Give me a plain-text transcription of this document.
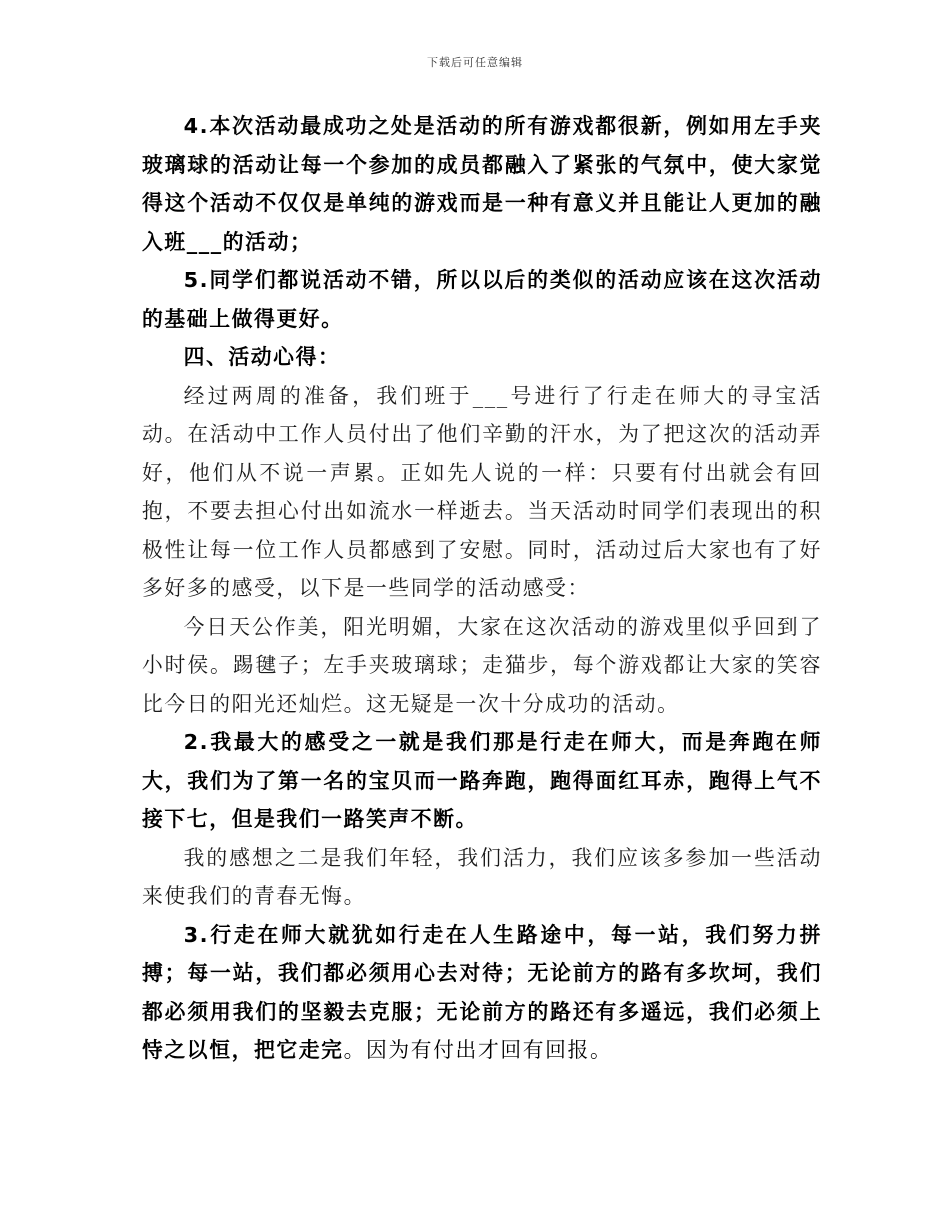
下载后可任意编辑

4.本次活动最成功之处是活动的所有游戏都很新，例如用左手夹玻璃球的活动让每一个参加的成员都融入了紧张的气氛中，使大家觉得这个活动不仅仅是单纯的游戏而是一种有意义并且能让人更加的融入班___的活动；

5.同学们都说活动不错，所以以后的类似的活动应该在这次活动的基础上做得更好。

四、活动心得：

经过两周的准备，我们班于___号进行了行走在师大的寻宝活动。在活动中工作人员付出了他们辛勤的汗水，为了把这次的活动弄好，他们从不说一声累。正如先人说的一样：只要有付出就会有回抱，不要去担心付出如流水一样逝去。当天活动时同学们表现出的积极性让每一位工作人员都感到了安慰。同时，活动过后大家也有了好多好多的感受，以下是一些同学的活动感受：

今日天公作美，阳光明媚，大家在这次活动的游戏里似乎回到了小时侯。踢毽子；左手夹玻璃球；走猫步，每个游戏都让大家的笑容比今日的阳光还灿烂。这无疑是一次十分成功的活动。

2.我最大的感受之一就是我们那是行走在师大，而是奔跑在师大，我们为了第一名的宝贝而一路奔跑，跑得面红耳赤，跑得上气不接下七，但是我们一路笑声不断。

我的感想之二是我们年轻，我们活力，我们应该多参加一些活动来使我们的青春无悔。

3.行走在师大就犹如行走在人生路途中，每一站，我们努力拼搏；每一站，我们都必须用心去对待；无论前方的路有多坎坷，我们都必须用我们的坚毅去克服；无论前方的路还有多遥远，我们必须上恃之以恒，把它走完。因为有付出才回有回报。
